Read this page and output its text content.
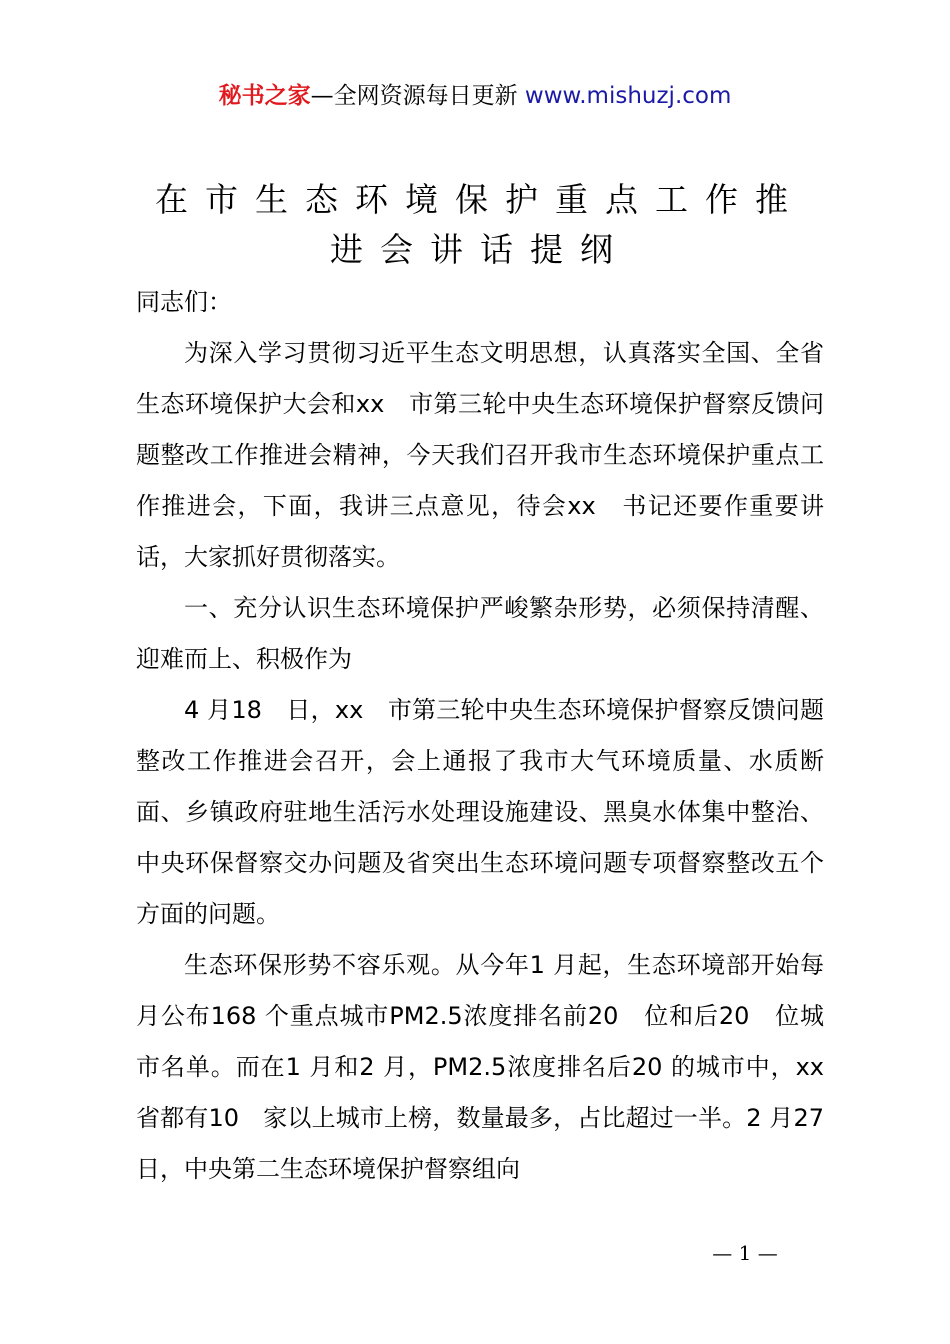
秘书之家—全网资源每日更新 www.mishuzj.com
在市生态环境保护重点工作推
进会讲话提纲

同志们：

为深入学习贯彻习近平生态文明思想，认真落实全国、全省生态环境保护大会和xx　市第三轮中央生态环境保护督察反馈问题整改工作推进会精神，今天我们召开我市生态环境保护重点工作推进会，下面，我讲三点意见，待会xx　书记还要作重要讲话，大家抓好贯彻落实。

一、充分认识生态环境保护严峻繁杂形势，必须保持清醒、迎难而上、积极作为

4 月18　日，xx　市第三轮中央生态环境保护督察反馈问题整改工作推进会召开，会上通报了我市大气环境质量、水质断面、乡镇政府驻地生活污水处理设施建设、黑臭水体集中整治、中央环保督察交办问题及省突出生态环境问题专项督察整改五个方面的问题。

生态环保形势不容乐观。从今年1 月起，生态环境部开始每月公布168 个重点城市PM2.5浓度排名前20　位和后20　位城市名单。而在1 月和2 月，PM2.5浓度排名后20 的城市中，xx　省都有10　家以上城市上榜，数量最多，占比超过一半。2 月27　日，中央第二生态环境保护督察组向

— 1 —
